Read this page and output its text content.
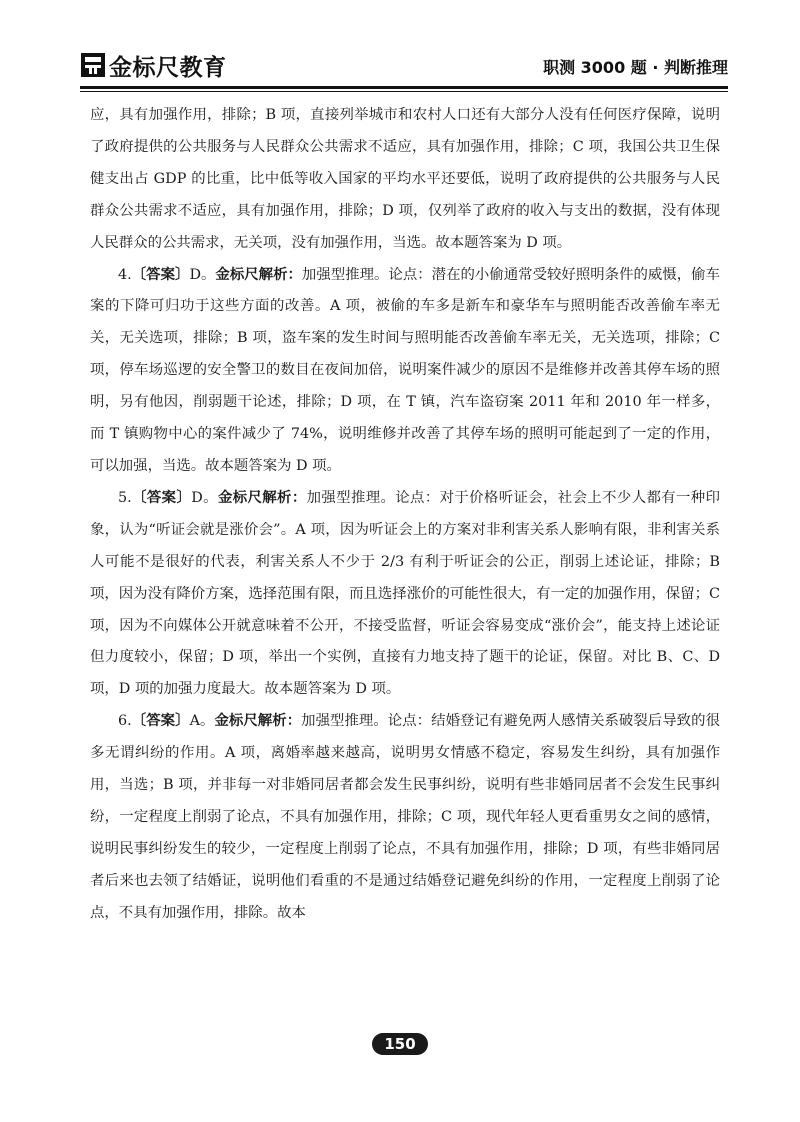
金标尺教育	职测 3000 题 · 判断推理

应，具有加强作用，排除；B 项，直接列举城市和农村人口还有大部分人没有任何医疗保障，说明了政府提供的公共服务与人民群众公共需求不适应，具有加强作用，排除；C 项，我国公共卫生保健支出占 GDP 的比重，比中低等收入国家的平均水平还要低，说明了政府提供的公共服务与人民群众公共需求不适应，具有加强作用，排除；D 项，仅列举了政府的收入与支出的数据，没有体现人民群众的公共需求，无关项，没有加强作用，当选。故本题答案为 D 项。

4.〔答案〕D。金标尺解析：加强型推理。论点：潜在的小偷通常受较好照明条件的威慑，偷车案的下降可归功于这些方面的改善。A 项，被偷的车多是新车和豪华车与照明能否改善偷车率无关，无关选项，排除；B 项，盗车案的发生时间与照明能否改善偷车率无关，无关选项，排除；C 项，停车场巡逻的安全警卫的数目在夜间加倍，说明案件减少的原因不是维修并改善其停车场的照明，另有他因，削弱题干论述，排除；D 项，在 T 镇，汽车盗窃案 2011 年和 2010 年一样多，而 T 镇购物中心的案件减少了 74%，说明维修并改善了其停车场的照明可能起到了一定的作用，可以加强，当选。故本题答案为 D 项。

5.〔答案〕D。金标尺解析：加强型推理。论点：对于价格听证会，社会上不少人都有一种印象，认为“听证会就是涨价会”。A 项，因为听证会上的方案对非利害关系人影响有限，非利害关系人可能不是很好的代表，利害关系人不少于 2/3 有利于听证会的公正，削弱上述论证，排除；B 项，因为没有降价方案，选择范围有限，而且选择涨价的可能性很大，有一定的加强作用，保留；C 项，因为不向媒体公开就意味着不公开，不接受监督，听证会容易变成“涨价会”，能支持上述论证但力度较小，保留；D 项，举出一个实例，直接有力地支持了题干的论证，保留。对比 B、C、D 项，D 项的加强力度最大。故本题答案为 D 项。

6.〔答案〕A。金标尺解析：加强型推理。论点：结婚登记有避免两人感情关系破裂后导致的很多无谓纠纷的作用。A 项，离婚率越来越高，说明男女情感不稳定，容易发生纠纷，具有加强作用，当选；B 项，并非每一对非婚同居者都会发生民事纠纷，说明有些非婚同居者不会发生民事纠纷，一定程度上削弱了论点，不具有加强作用，排除；C 项，现代年轻人更看重男女之间的感情，说明民事纠纷发生的较少，一定程度上削弱了论点，不具有加强作用，排除；D 项，有些非婚同居者后来也去领了结婚证，说明他们看重的不是通过结婚登记避免纠纷的作用，一定程度上削弱了论点，不具有加强作用，排除。故本

150
